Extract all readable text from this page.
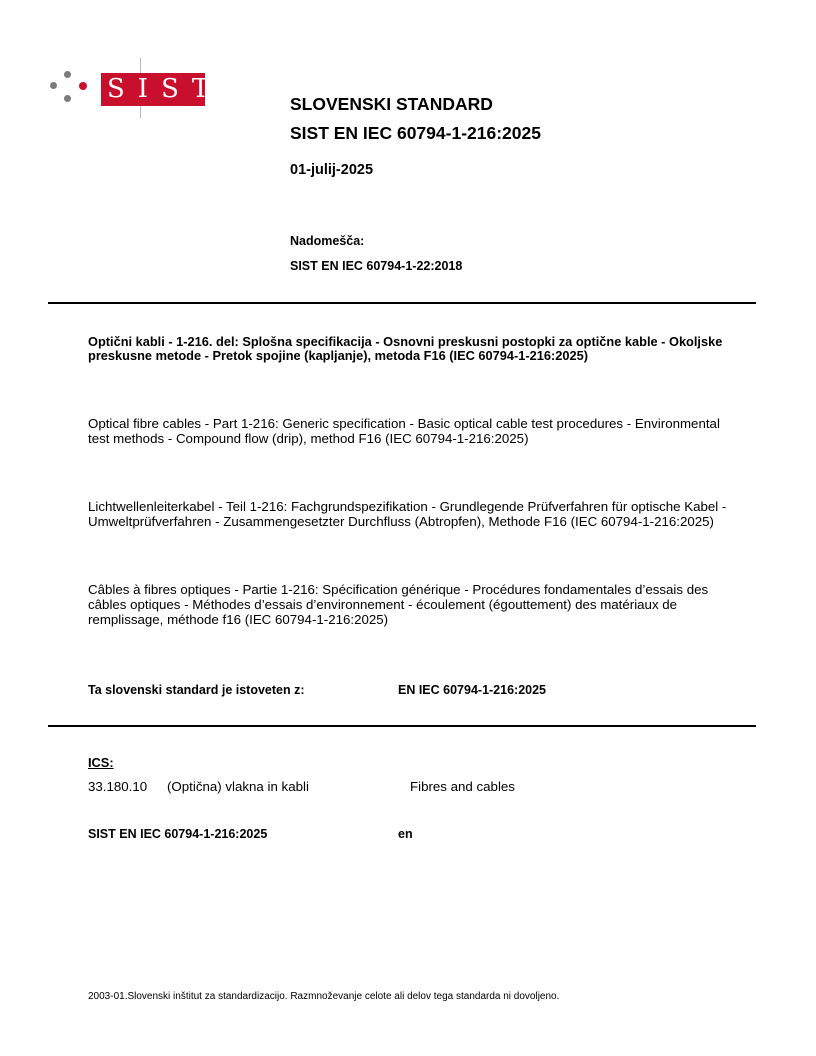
SIST	SLOVENSKI STANDARD
SIST EN IEC 60794-1-216:2025
01-julij-2025
Nadomešča:
SIST EN IEC 60794-1-22:2018
Optični kabli - 1-216. del: Splošna specifikacija - Osnovni preskusni postopki za optične kable - Okoljske preskusne metode - Pretok spojine (kapljanje), metoda F16 (IEC 60794-1-216:2025)
Optical fibre cables - Part 1-216: Generic specification - Basic optical cable test procedures - Environmental test methods - Compound flow (drip), method F16 (IEC 60794-1-216:2025)
Lichtwellenleiterkabel - Teil 1-216: Fachgrundspezifikation - Grundlegende Prüfverfahren für optische Kabel - Umweltprüfverfahren - Zusammengesetzter Durchfluss (Abtropfen), Methode F16 (IEC 60794-1-216:2025)
Câbles à fibres optiques - Partie 1-216: Spécification générique - Procédures fondamentales d’essais des câbles optiques - Méthodes d’essais d’environnement - écoulement (égouttement) des matériaux de remplissage, méthode f16 (IEC 60794-1-216:2025)
Ta slovenski standard je istoveten z:	EN IEC 60794-1-216:2025
ICS:
33.180.10 (Optična) vlakna in kabli	Fibres and cables
SIST EN IEC 60794-1-216:2025	en
2003-01.Slovenski inštitut za standardizacijo. Razmnoževanje celote ali delov tega standarda ni dovoljeno.
